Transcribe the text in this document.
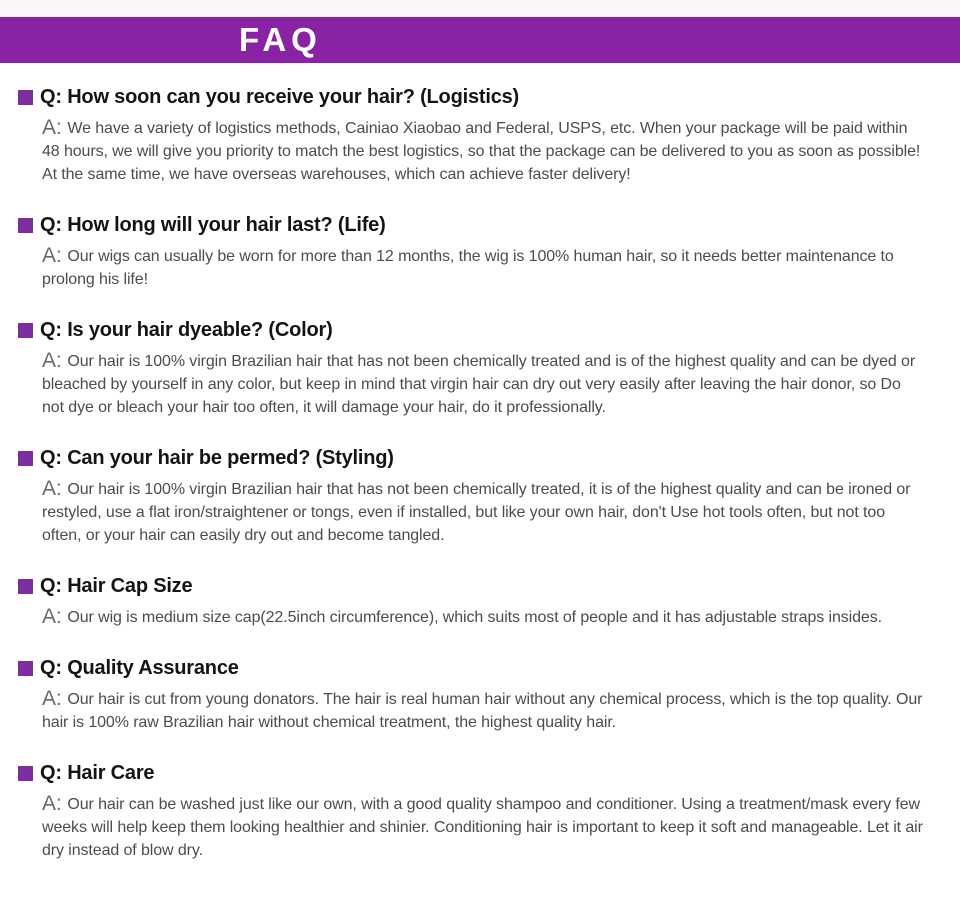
FAQ
Q: How soon can you receive your hair? (Logistics)

A: We have a variety of logistics methods, Cainiao Xiaobao and Federal, USPS, etc. When your package will be paid within 48 hours, we will give you priority to match the best logistics, so that the package can be delivered to you as soon as possible! At the same time, we have overseas warehouses, which can achieve faster delivery!

Q: How long will your hair last? (Life)

A: Our wigs can usually be worn for more than 12 months, the wig is 100% human hair, so it needs better maintenance to prolong his life!

Q: Is your hair dyeable? (Color)

A: Our hair is 100% virgin Brazilian hair that has not been chemically treated and is of the highest quality and can be dyed or bleached by yourself in any color, but keep in mind that virgin hair can dry out very easily after leaving the hair donor, so Do not dye or bleach your hair too often, it will damage your hair, do it professionally.

Q: Can your hair be permed? (Styling)

A: Our hair is 100% virgin Brazilian hair that has not been chemically treated, it is of the highest quality and can be ironed or restyled, use a flat iron/straightener or tongs, even if installed, but like your own hair, don't Use hot tools often, but not too often, or your hair can easily dry out and become tangled.

Q: Hair Cap Size

A: Our wig is medium size cap(22.5inch circumference), which suits most of people and it has adjustable straps insides.

Q: Quality Assurance

A: Our hair is cut from young donators. The hair is real human hair without any chemical process, which is the top quality. Our hair is 100% raw Brazilian hair without chemical treatment, the highest quality hair.

Q: Hair Care

A: Our hair can be washed just like our own, with a good quality shampoo and conditioner. Using a treatment/mask every few weeks will help keep them looking healthier and shinier. Conditioning hair is important to keep it soft and manageable. Let it air dry instead of blow dry.
